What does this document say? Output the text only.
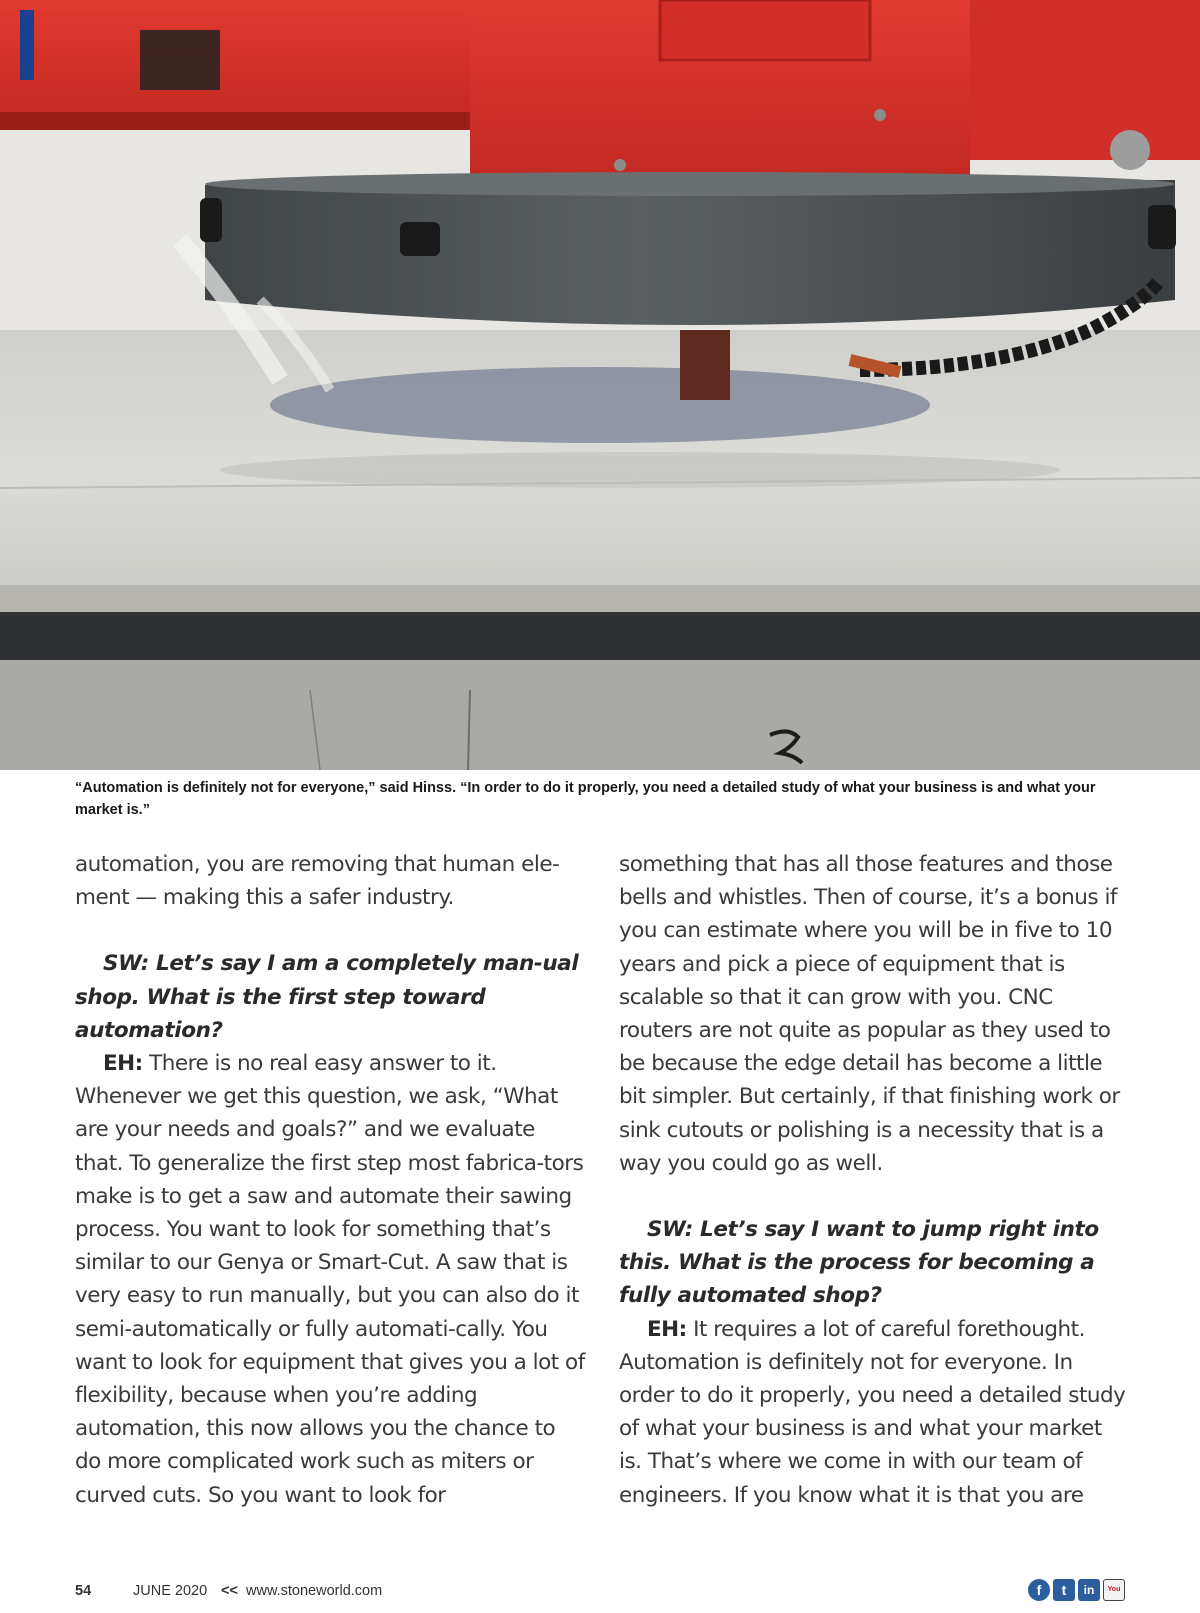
“Automation is definitely not for everyone,” said Hinss. “In order to do it properly, you need a detailed study of what your business is and what your market is.”

automation, you are removing that human ele-ment — making this a safer industry.

SW: Let’s say I am a completely man-ual shop. What is the first step toward automation?

EH: There is no real easy answer to it. Whenever we get this question, we ask, “What are your needs and goals?” and we evaluate that. To generalize the first step most fabrica-tors make is to get a saw and automate their sawing process. You want to look for something that’s similar to our Genya or Smart-Cut. A saw that is very easy to run manually, but you can also do it semi-automatically or fully automati-cally. You want to look for equipment that gives you a lot of flexibility, because when you’re adding automation, this now allows you the chance to do more complicated work such as miters or curved cuts. So you want to look for

something that has all those features and those bells and whistles. Then of course, it’s a bonus if you can estimate where you will be in five to 10 years and pick a piece of equipment that is scalable so that it can grow with you. CNC routers are not quite as popular as they used to be because the edge detail has become a little bit simpler. But certainly, if that finishing work or sink cutouts or polishing is a necessity that is a way you could go as well.

SW: Let’s say I want to jump right into this. What is the process for becoming a fully automated shop?

EH: It requires a lot of careful forethought. Automation is definitely not for everyone. In order to do it properly, you need a detailed study of what your business is and what your market is. That’s where we come in with our team of engineers. If you know what it is that you are

54	JUNE 2020 << www.stoneworld.com	f	t	in	You
